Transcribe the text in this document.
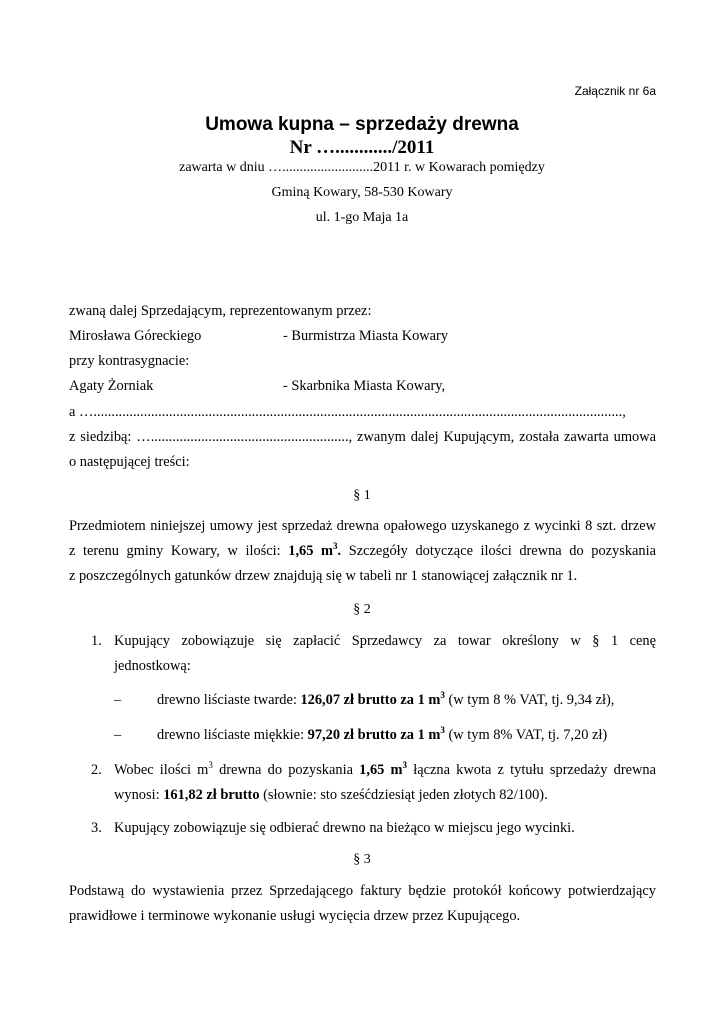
Załącznik nr 6a
Umowa kupna – sprzedaży drewna
Nr …............/2011
zawarta w dniu …..........................2011 r. w Kowarach pomiędzy
Gminą Kowary, 58-530 Kowary
ul. 1-go Maja 1a
zwaną dalej Sprzedającym, reprezentowanym przez:
Mirosława Góreckiego	- Burmistrza Miasta Kowary
przy kontrasygnacie:
Agaty Żorniak	- Skarbnika Miasta Kowary,
a …...................................................................................................................................................,
z siedzibą: …......................................................., zwanym dalej Kupującym, została zawarta umowa
o następującej treści:
§ 1
Przedmiotem niniejszej umowy jest sprzedaż drewna opałowego uzyskanego z wycinki 8 szt. drzew
z terenu gminy Kowary, w ilości: 1,65 $m^3$. Szczegóły dotyczące ilości drewna do pozyskania
z poszczególnych gatunków drzew znajdują się w tabeli nr 1 stanowiącej załącznik nr 1.
§ 2
1. Kupujący zobowiązuje się zapłacić Sprzedawcy za towar określony w § 1 cenę
jednostkową:
– drewno liściaste twarde: 126,07 zł brutto za 1 $m^3$ (w tym 8 % VAT, tj. 9,34 zł),
– drewno liściaste miękkie: 97,20 zł brutto za 1 $m^3$ (w tym 8% VAT, tj. 7,20 zł)
2. Wobec ilości $m^3$ drewna do pozyskania 1,65 $m^3$ łączna kwota z tytułu sprzedaży drewna
wynosi: 161,82 zł brutto (słownie: sto sześćdziesiąt jeden złotych 82/100).
3. Kupujący zobowiązuje się odbierać drewno na bieżąco w miejscu jego wycinki.
§ 3
Podstawą do wystawienia przez Sprzedającego faktury będzie protokół końcowy potwierdzający
prawidłowe i terminowe wykonanie usługi wycięcia drzew przez Kupującego.
